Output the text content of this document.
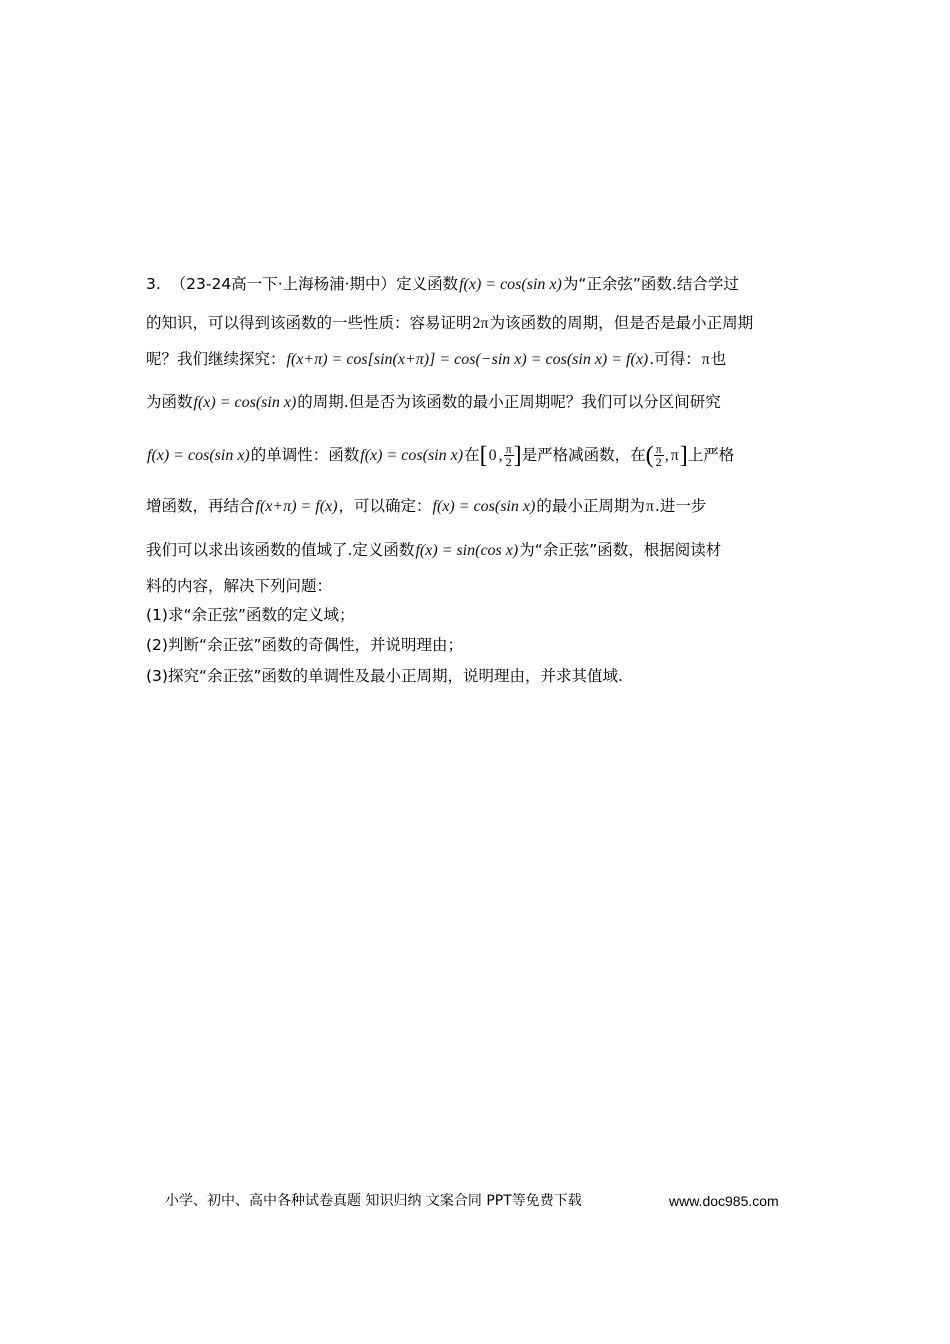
3. （23-24高一下·上海杨浦·期中）定义函数f(x) = cos(sin x)为“正余弦”函数.结合学过
的知识，可以得到该函数的一些性质：容易证明2π为该函数的周期，但是否是最小正周期
呢？我们继续探究：f(x+π) = cos[sin(x+π)] = cos(−sin x) = cos(sin x) = f(x).可得：π也
为函数f(x) = cos(sin x)的周期.但是否为该函数的最小正周期呢？我们可以分区间研究
f(x) = cos(sin x)的单调性：函数f(x) = cos(sin x)在[0 , $\frac{\pi}{2}$ ]是严格减函数，在( $\frac{\pi}{2}$ , π]上严格
增函数，再结合f(x+π) = f(x)，可以确定：f(x) = cos(sin x)的最小正周期为π.进一步
我们可以求出该函数的值域了.定义函数f(x) = sin(cos x)为“余正弦”函数，根据阅读材
料的内容，解决下列问题：
(1)求“余正弦”函数的定义域；
(2)判断“余正弦”函数的奇偶性，并说明理由；
(3)探究“余正弦”函数的单调性及最小正周期，说明理由，并求其值域.
小学、初中、高中各种试卷真题 知识归纳 文案合同 PPT等免费下载	www.doc985.com
